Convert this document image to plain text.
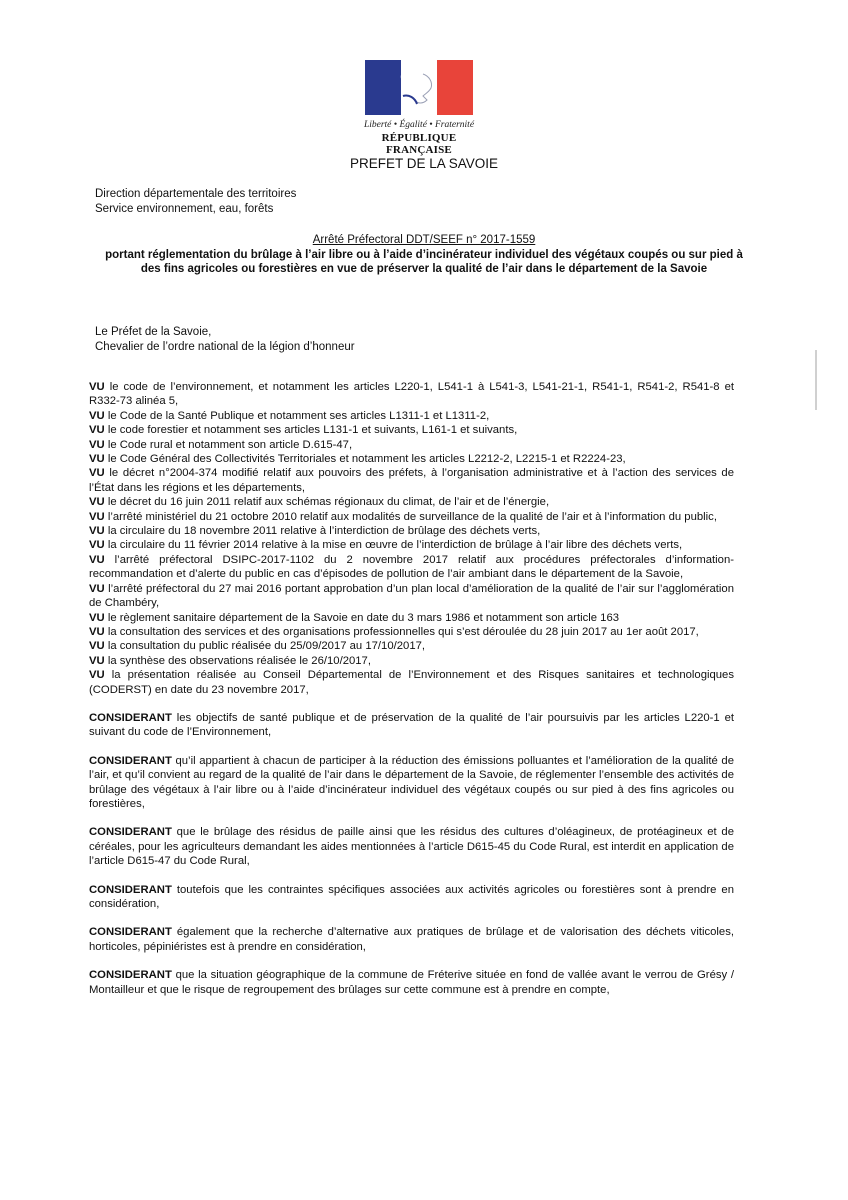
Liberté • Égalité • Fraternité
RÉPUBLIQUE FRANÇAISE
PREFET DE LA SAVOIE
Direction départementale des territoires
Service environnement, eau, forêts
Arrêté Préfectoral DDT/SEEF n° 2017-1559
portant réglementation du brûlage à l’air libre ou à l’aide d’incinérateur individuel des végétaux coupés ou sur pied à des fins agricoles ou forestières en vue de préserver la qualité de l’air dans le département de la Savoie
Le Préfet de la Savoie,
Chevalier de l’ordre national de la légion d’honneur

VU le code de l’environnement, et notamment les articles L220-1, L541-1 à L541-3, L541-21-1, R541-1, R541-2, R541-8 et R332-73 alinéa 5,

VU le Code de la Santé Publique et notamment ses articles L1311-1 et L1311-2,

VU le code forestier et notamment ses articles L131-1 et suivants, L161-1 et suivants,

VU le Code rural et notamment son article D.615-47,

VU le Code Général des Collectivités Territoriales et notamment les articles L2212-2, L2215-1 et R2224-23,

VU le décret n°2004-374 modifié relatif aux pouvoirs des préfets, à l’organisation administrative et à l’action des services de l’État dans les régions et les départements,

VU le décret du 16 juin 2011 relatif aux schémas régionaux du climat, de l’air et de l’énergie,

VU l’arrêté ministériel du 21 octobre 2010 relatif aux modalités de surveillance de la qualité de l’air et à l’information du public,

VU la circulaire du 18 novembre 2011 relative à l’interdiction de brûlage des déchets verts,

VU la circulaire du 11 février 2014 relative à la mise en œuvre de l’interdiction de brûlage à l’air libre des déchets verts,

VU l’arrêté préfectoral DSIPC-2017-1102 du 2 novembre 2017 relatif aux procédures préfectorales d’information-recommandation et d’alerte du public en cas d’épisodes de pollution de l’air ambiant dans le département de la Savoie,

VU l’arrêté préfectoral du 27 mai 2016 portant approbation d’un plan local d’amélioration de la qualité de l’air sur l’agglomération de Chambéry,

VU le règlement sanitaire département de la Savoie en date du 3 mars 1986 et notamment son article 163

VU la consultation des services et des organisations professionnelles qui s’est déroulée du 28 juin 2017 au 1er août 2017,

VU la consultation du public réalisée du 25/09/2017 au 17/10/2017,

VU la synthèse des observations réalisée le 26/10/2017,

VU la présentation réalisée au Conseil Départemental de l’Environnement et des Risques sanitaires et technologiques (CODERST) en date du 23 novembre 2017,

CONSIDERANT les objectifs de santé publique et de préservation de la qualité de l’air poursuivis par les articles L220-1 et suivant du code de l’Environnement,

CONSIDERANT qu’il appartient à chacun de participer à la réduction des émissions polluantes et l’amélioration de la qualité de l’air, et qu’il convient au regard de la qualité de l’air dans le département de la Savoie, de réglementer l’ensemble des activités de brûlage des végétaux à l’air libre ou à l’aide d’incinérateur individuel des végétaux coupés ou sur pied à des fins agricoles ou forestières,

CONSIDERANT que le brûlage des résidus de paille ainsi que les résidus des cultures d’oléagineux, de protéagineux et de céréales, pour les agriculteurs demandant les aides mentionnées à l’article D615-45 du Code Rural, est interdit en application de l’article D615-47 du Code Rural,

CONSIDERANT toutefois que les contraintes spécifiques associées aux activités agricoles ou forestières sont à prendre en considération,

CONSIDERANT également que la recherche d’alternative aux pratiques de brûlage et de valorisation des déchets viticoles, horticoles, pépiniéristes est à prendre en considération,

CONSIDERANT que la situation géographique de la commune de Fréterive située en fond de vallée avant le verrou de Grésy / Montailleur et que le risque de regroupement des brûlages sur cette commune est à prendre en compte,
